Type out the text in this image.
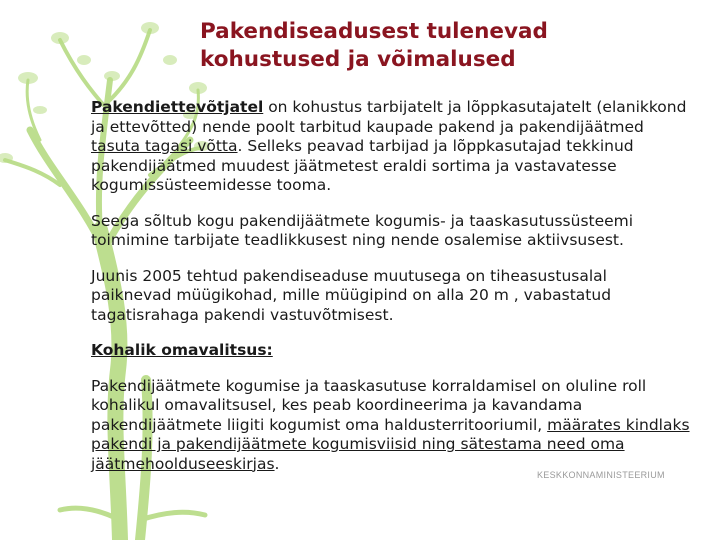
Pakendiseadusest tulenevad
kohustused ja võimalused

Pakendiettevõtjatel on kohustus tarbijatelt ja lõppkasutajatelt (elanikkond ja ettevõtted) nende poolt tarbitud kaupade pakend ja pakendijäätmed tasuta tagasi võtta. Selleks peavad tarbijad ja lõppkasutajad tekkinud pakendijäätmed muudest jäätmetest eraldi sortima ja vastavatesse kogumissüsteemidesse tooma.

Seega sõltub kogu pakendijäätmete kogumis- ja taaskasutussüsteemi toimimine tarbijate teadlikkusest ning nende osalemise aktiivsusest.

Juunis 2005 tehtud pakendiseaduse muutusega on tiheasustusalal paiknevad müügikohad, mille müügipind on alla 20 m , vabastatud tagatisrahaga pakendi vastuvõtmisest.

Kohalik omavalitsus:

Pakendijäätmete kogumise ja taaskasutuse korraldamisel on oluline roll kohalikul omavalitsusel, kes peab koordineerima ja kavandama pakendijäätmete liigiti kogumist oma haldusterritooriumil, määrates kindlaks pakendi ja pakendijäätmete kogumisviisid ning sätestama need oma jäätmehoolduseeskirjas.

KESKKONNAMINISTEERIUM
